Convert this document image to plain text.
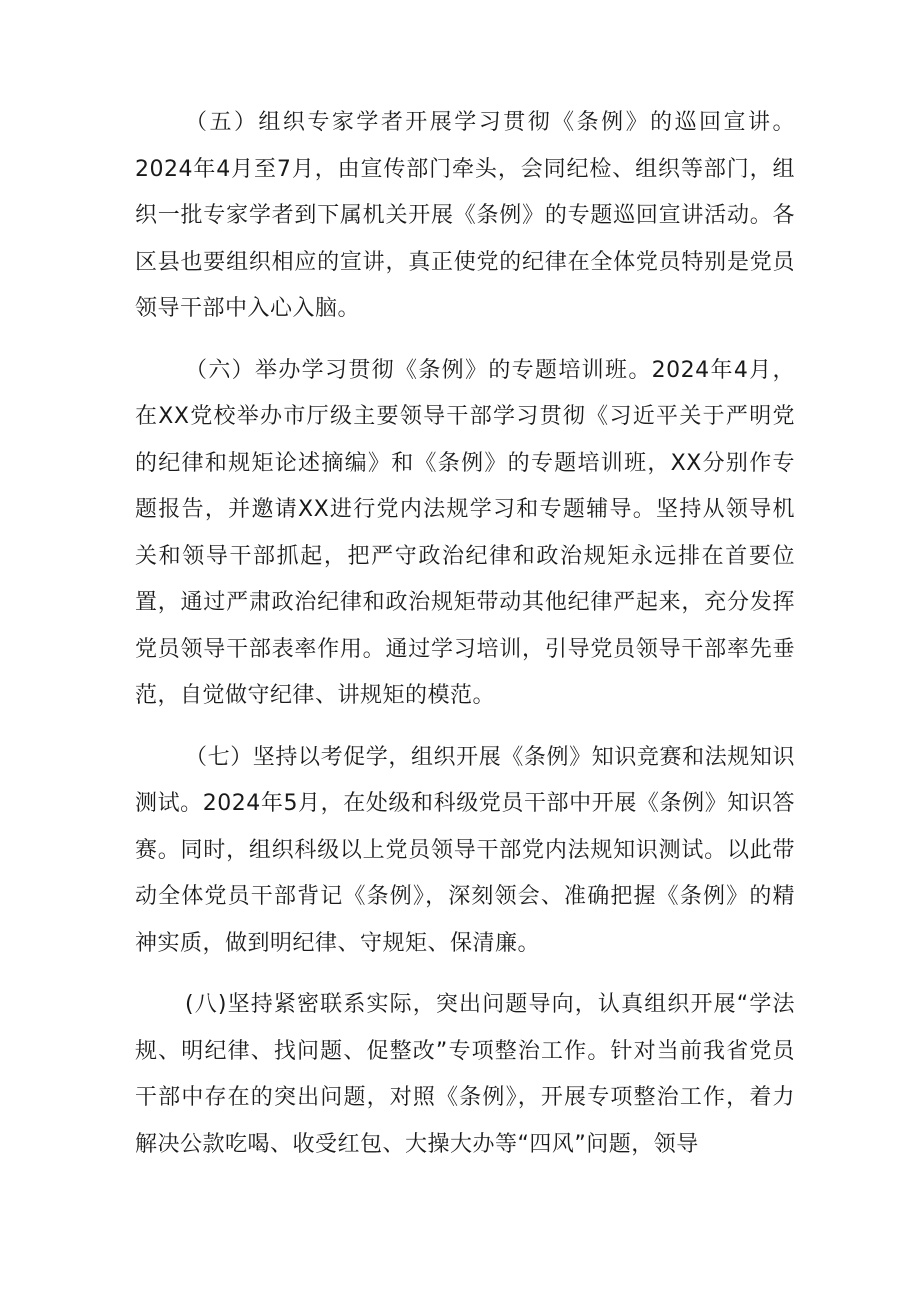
（五）组织专家学者开展学习贯彻《条例》的巡回宣讲。2024年4月至7月，由宣传部门牵头，会同纪检、组织等部门，组织一批专家学者到下属机关开展《条例》的专题巡回宣讲活动。各区县也要组织相应的宣讲，真正使党的纪律在全体党员特别是党员领导干部中入心入脑。

（六）举办学习贯彻《条例》的专题培训班。2024年4月，在XX党校举办市厅级主要领导干部学习贯彻《习近平关于严明党的纪律和规矩论述摘编》和《条例》的专题培训班，XX分别作专题报告，并邀请XX进行党内法规学习和专题辅导。坚持从领导机关和领导干部抓起，把严守政治纪律和政治规矩永远排在首要位置，通过严肃政治纪律和政治规矩带动其他纪律严起来，充分发挥党员领导干部表率作用。通过学习培训，引导党员领导干部率先垂范，自觉做守纪律、讲规矩的模范。

（七）坚持以考促学，组织开展《条例》知识竞赛和法规知识测试。2024年5月，在处级和科级党员干部中开展《条例》知识答赛。同时，组织科级以上党员领导干部党内法规知识测试。以此带动全体党员干部背记《条例》，深刻领会、准确把握《条例》的精神实质，做到明纪律、守规矩、保清廉。

(八)坚持紧密联系实际，突出问题导向，认真组织开展“学法规、明纪律、找问题、促整改”专项整治工作。针对当前我省党员干部中存在的突出问题，对照《条例》，开展专项整治工作，着力解决公款吃喝、收受红包、大操大办等“四风”问题，领导
